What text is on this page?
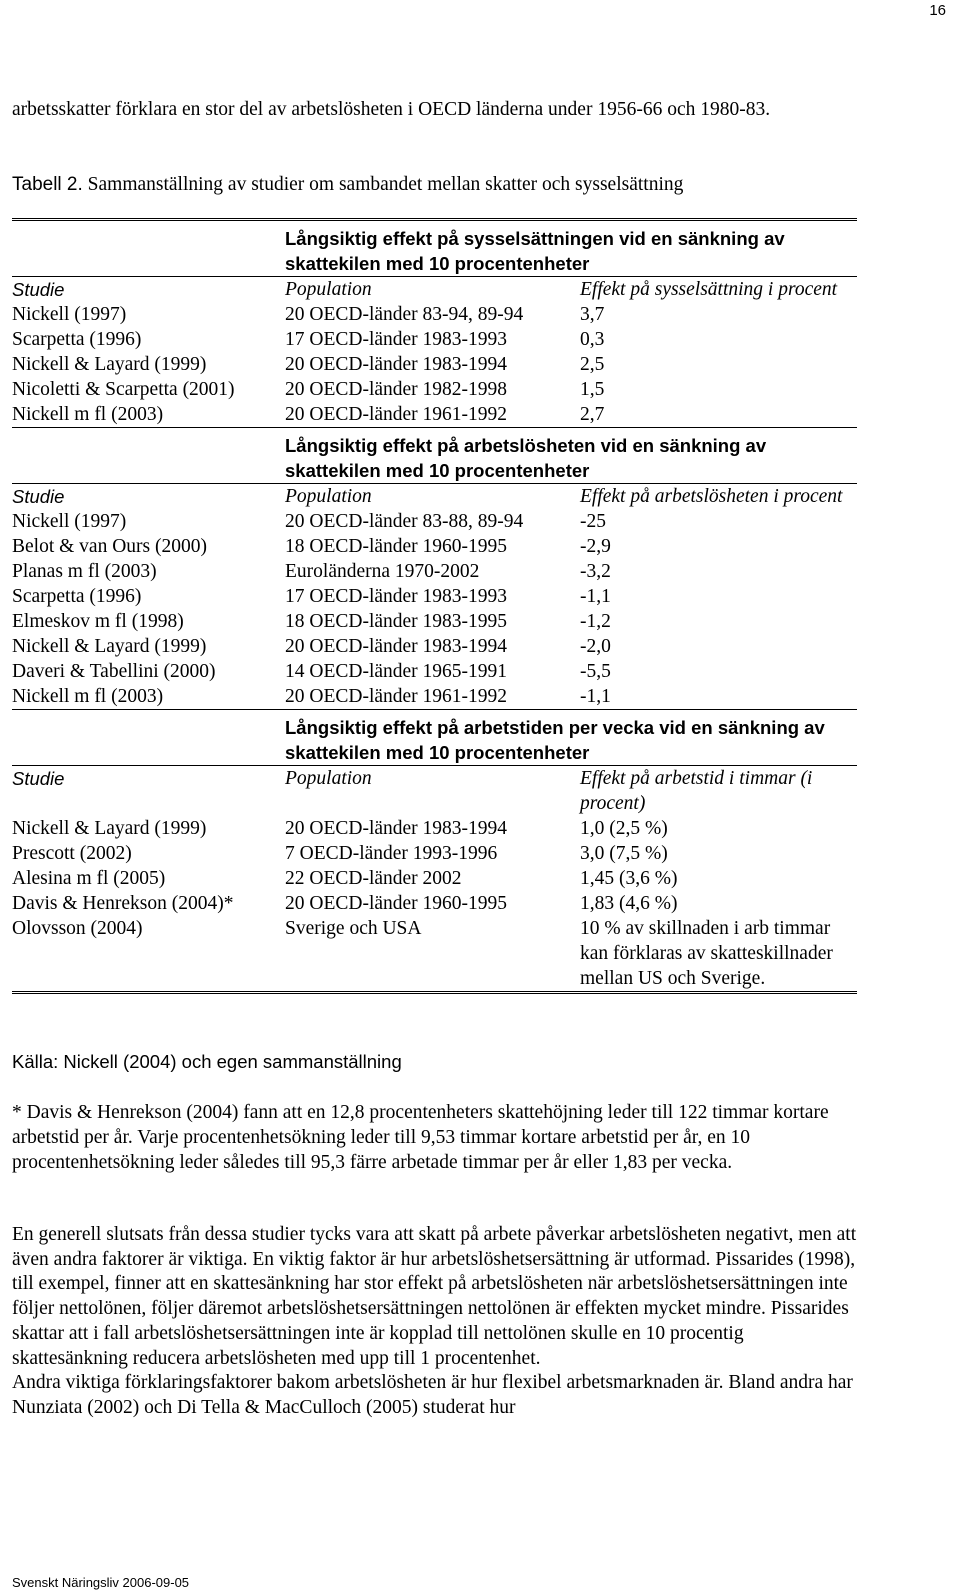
16
arbetsskatter förklara en stor del av arbetslösheten i OECD länderna under 1956-66 och 1980-83.
Tabell 2. Sammanställning av studier om sambandet mellan skatter och sysselsättning
Långsiktig effekt på sysselsättningen vid en sänkning av skattekilen med 10 procentenheter
Studie	Population	Effekt på sysselsättning i procent
Nickell (1997)	20 OECD-länder 83-94, 89-94	3,7
Scarpetta (1996)	17 OECD-länder 1983-1993	0,3
Nickell & Layard (1999)	20 OECD-länder 1983-1994	2,5
Nicoletti & Scarpetta (2001)	20 OECD-länder 1982-1998	1,5
Nickell m fl (2003)	20 OECD-länder 1961-1992	2,7
Långsiktig effekt på arbetslösheten vid en sänkning av skattekilen med 10 procentenheter
Studie	Population	Effekt på arbetslösheten i procent
Nickell (1997)	20 OECD-länder 83-88, 89-94	-25
Belot & van Ours (2000)	18 OECD-länder 1960-1995	-2,9
Planas m fl (2003)	Euroländerna 1970-2002	-3,2
Scarpetta (1996)	17 OECD-länder 1983-1993	-1,1
Elmeskov m fl (1998)	18 OECD-länder 1983-1995	-1,2
Nickell & Layard (1999)	20 OECD-länder 1983-1994	-2,0
Daveri & Tabellini (2000)	14 OECD-länder 1965-1991	-5,5
Nickell m fl (2003)	20 OECD-länder 1961-1992	-1,1
Långsiktig effekt på arbetstiden per vecka vid en sänkning av skattekilen med 10 procentenheter
Studie	Population	Effekt på arbetstid i timmar (i procent)
Nickell & Layard (1999)	20 OECD-länder 1983-1994	1,0 (2,5 %)
Prescott (2002)	7 OECD-länder 1993-1996	3,0 (7,5 %)
Alesina m fl (2005)	22 OECD-länder 2002	1,45 (3,6 %)
Davis & Henrekson (2004)*	20 OECD-länder 1960-1995	1,83 (4,6 %)
Olovsson (2004)	Sverige och USA	10 % av skillnaden i arb timmar kan förklaras av skatteskillnader mellan US och Sverige.
Källa: Nickell (2004) och egen sammanställning
* Davis & Henrekson (2004) fann att en 12,8 procentenheters skattehöjning leder till 122 timmar kortare arbetstid per år. Varje procentenhetsökning leder till 9,53 timmar kortare arbetstid per år, en 10 procentenhetsökning leder således till 95,3 färre arbetade timmar per år eller 1,83 per vecka.
En generell slutsats från dessa studier tycks vara att skatt på arbete påverkar arbetslösheten negativt, men att även andra faktorer är viktiga. En viktig faktor är hur arbetslöshetsersättning är utformad. Pissarides (1998), till exempel, finner att en skattesänkning har stor effekt på arbetslösheten när arbetslöshetsersättningen inte följer nettolönen, följer däremot arbetslöshetsersättningen nettolönen är effekten mycket mindre. Pissarides skattar att i fall arbetslöshetsersättningen inte är kopplad till nettolönen skulle en 10 procentig skattesänkning reducera arbetslösheten med upp till 1 procentenhet.
Andra viktiga förklaringsfaktorer bakom arbetslösheten är hur flexibel arbetsmarknaden är. Bland andra har Nunziata (2002) och Di Tella & MacCulloch (2005) studerat hur
Svenskt Näringsliv 2006-09-05
